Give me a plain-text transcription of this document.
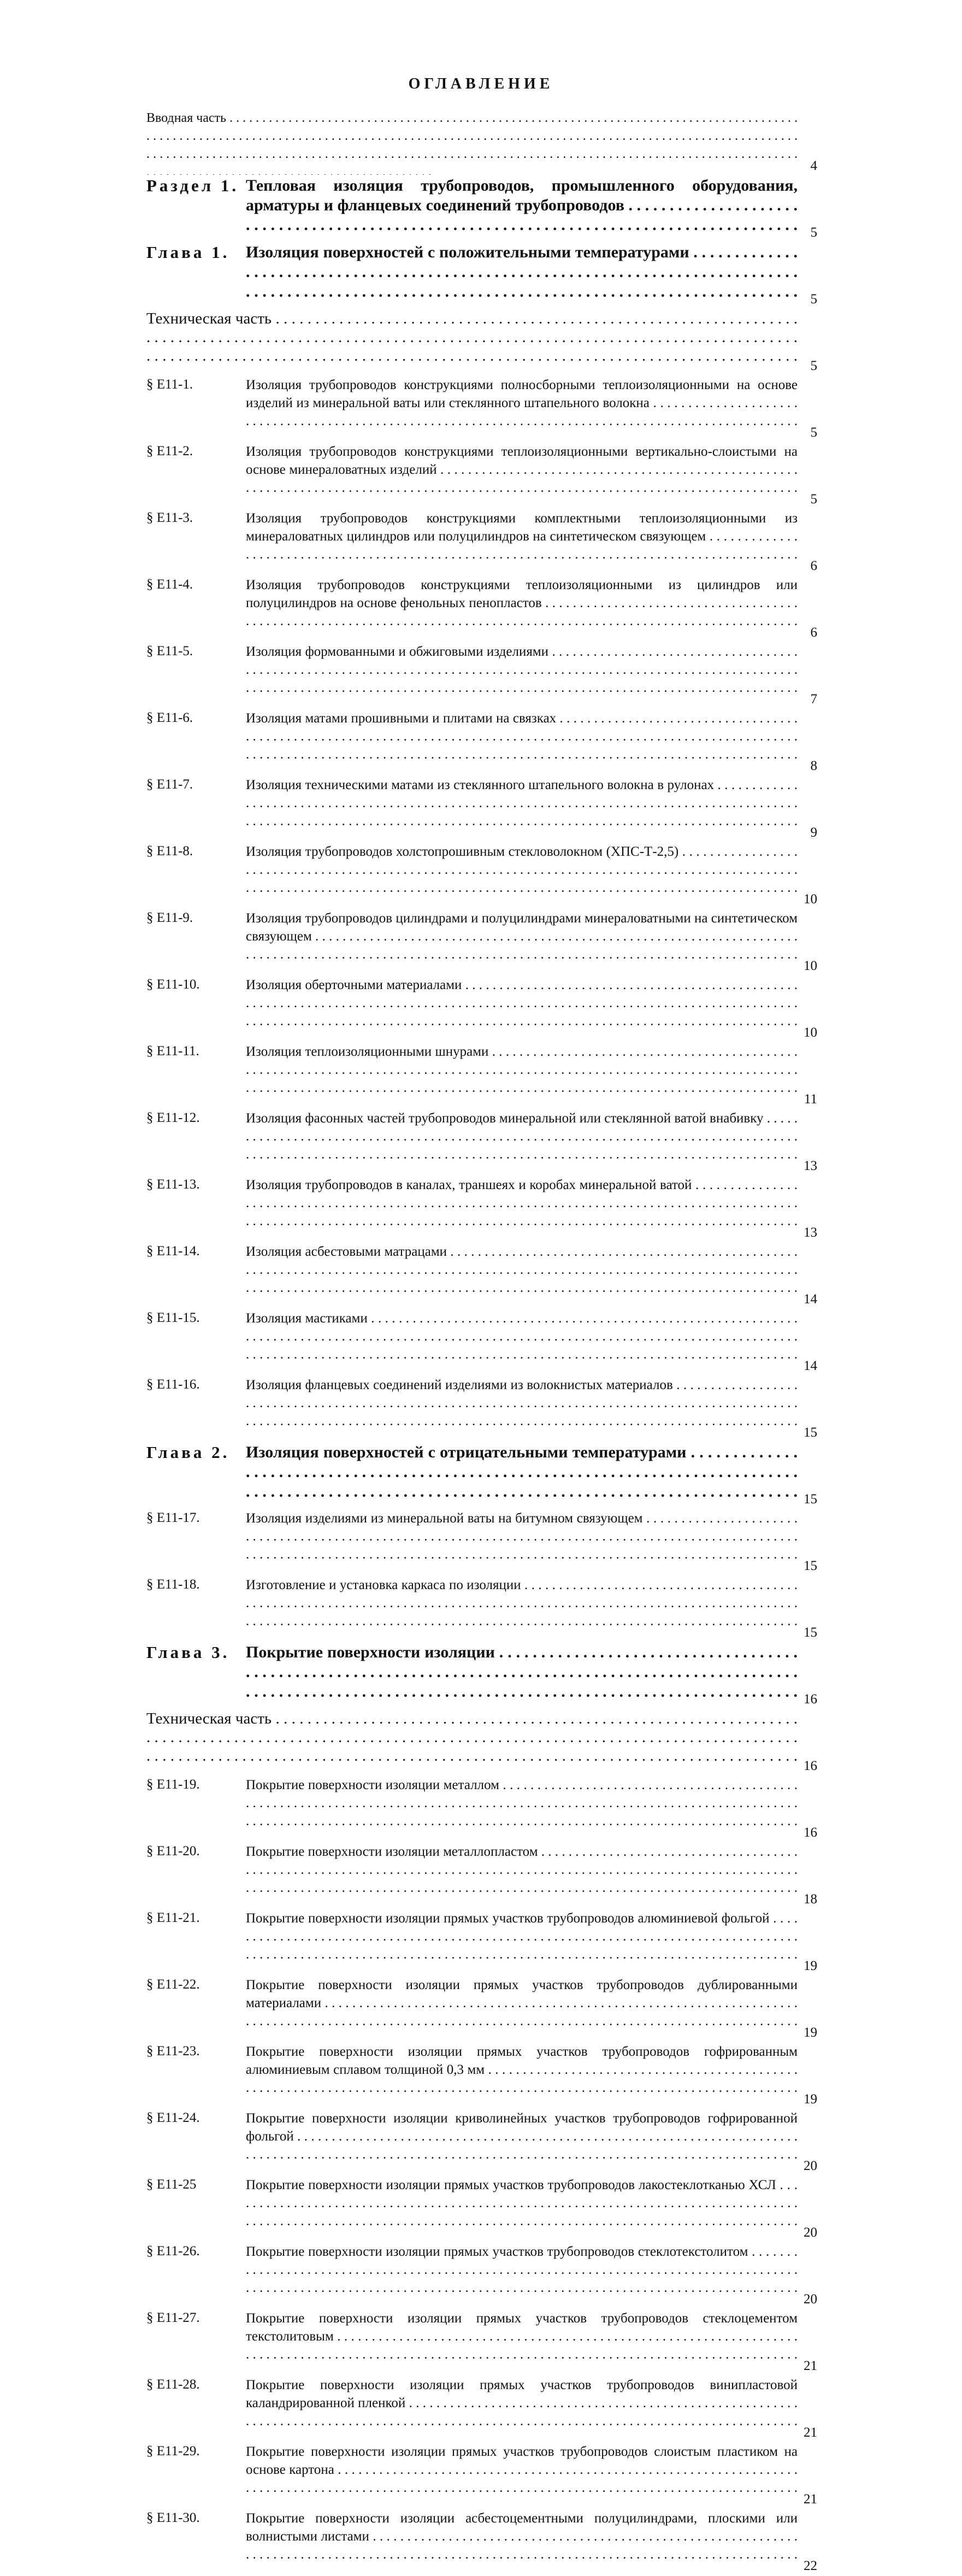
ОГЛАВЛЕНИЕ
Вводная часть . . .
4
Раздел 1. Тепловая изоляция трубопроводов, промышленного оборудования, арматуры и фланцевых соединений трубопроводов . . .
5
Глава 1. Изоляция поверхностей с положительными температурами . . .
5
Техническая часть . . .
5
§ Е11-1.	Изоляция трубопроводов конструкциями полносборными теплоизоляционными на основе изделий из минеральной ваты или стеклянного штапельного волокна . . .
5
§ Е11-2.	Изоляция трубопроводов конструкциями теплоизоляционными вертикально-слоистыми на основе минераловатных изделий . . .
5
§ Е11-3.	Изоляция трубопроводов конструкциями комплектными теплоизоляционными из минераловатных цилиндров или полуцилиндров на синтетическом связующем . . .
6
§ Е11-4.	Изоляция трубопроводов конструкциями теплоизоляционными из цилиндров или полуцилиндров на основе фенольных пенопластов . . .
6
§ Е11-5.	Изоляция формованными и обжиговыми изделиями . . .
7
§ Е11-6.	Изоляция матами прошивными и плитами на связках . . .
8
§ Е11-7.	Изоляция техническими матами из стеклянного штапельного волокна в рулонах . . .
9
§ Е11-8.	Изоляция трубопроводов холстопрошивным стекловолокном (ХПС-Т-2,5) . . .
10
§ Е11-9.	Изоляция трубопроводов цилиндрами и полуцилиндрами минераловатными на синтетическом связующем . . .
10
§ Е11-10.	Изоляция оберточными материалами . . .
10
§ Е11-11.	Изоляция теплоизоляционными шнурами . . .
11
§ Е11-12.	Изоляция фасонных частей трубопроводов минеральной или стеклянной ватой внабивку . . .
13
§ Е11-13.	Изоляция трубопроводов в каналах, траншеях и коробах минеральной ватой . . .
13
§ Е11-14.	Изоляция асбестовыми матрацами . . .
14
§ Е11-15.	Изоляция мастиками . . .
14
§ Е11-16.	Изоляция фланцевых соединений изделиями из волокнистых материалов . . .
15
Глава 2. Изоляция поверхностей с отрицательными температурами . . .
15
§ Е11-17.	Изоляция изделиями из минеральной ваты на битумном связующем . . .
15
§ Е11-18.	Изготовление и установка каркаса по изоляции . . .
15
Глава 3. Покрытие поверхности изоляции . . .
16
Техническая часть . . .
16
§ Е11-19.	Покрытие поверхности изоляции металлом . . .
16
§ Е11-20.	Покрытие поверхности изоляции металлопластом . . .
18
§ Е11-21.	Покрытие поверхности изоляции прямых участков трубопроводов алюминиевой фольгой . . .
19
§ Е11-22.	Покрытие поверхности изоляции прямых участков трубопроводов дублированными материалами . . .
19
§ Е11-23.	Покрытие поверхности изоляции прямых участков трубопроводов гофрированным алюминиевым сплавом толщиной 0,3 мм . . .
19
§ Е11-24.	Покрытие поверхности изоляции криволинейных участков трубопроводов гофрированной фольгой . . .
20
§ Е11-25	Покрытие поверхности изоляции прямых участков трубопроводов лакостеклотканью ХСЛ . . .
20
§ Е11-26.	Покрытие поверхности изоляции прямых участков трубопроводов стеклотекстолитом . . .
20
§ Е11-27.	Покрытие поверхности изоляции прямых участков трубопроводов стеклоцементом текстолитовым . . .
21
§ Е11-28.	Покрытие поверхности изоляции прямых участков трубопроводов винипластовой каландрированной пленкой . . .
21
§ Е11-29.	Покрытие поверхности изоляции прямых участков трубопроводов слоистым пластиком на основе картона . . .
21
§ Е11-30.	Покрытие поверхности изоляции асбестоцементными полуцилиндрами, плоскими или волнистыми листами . . .
22
